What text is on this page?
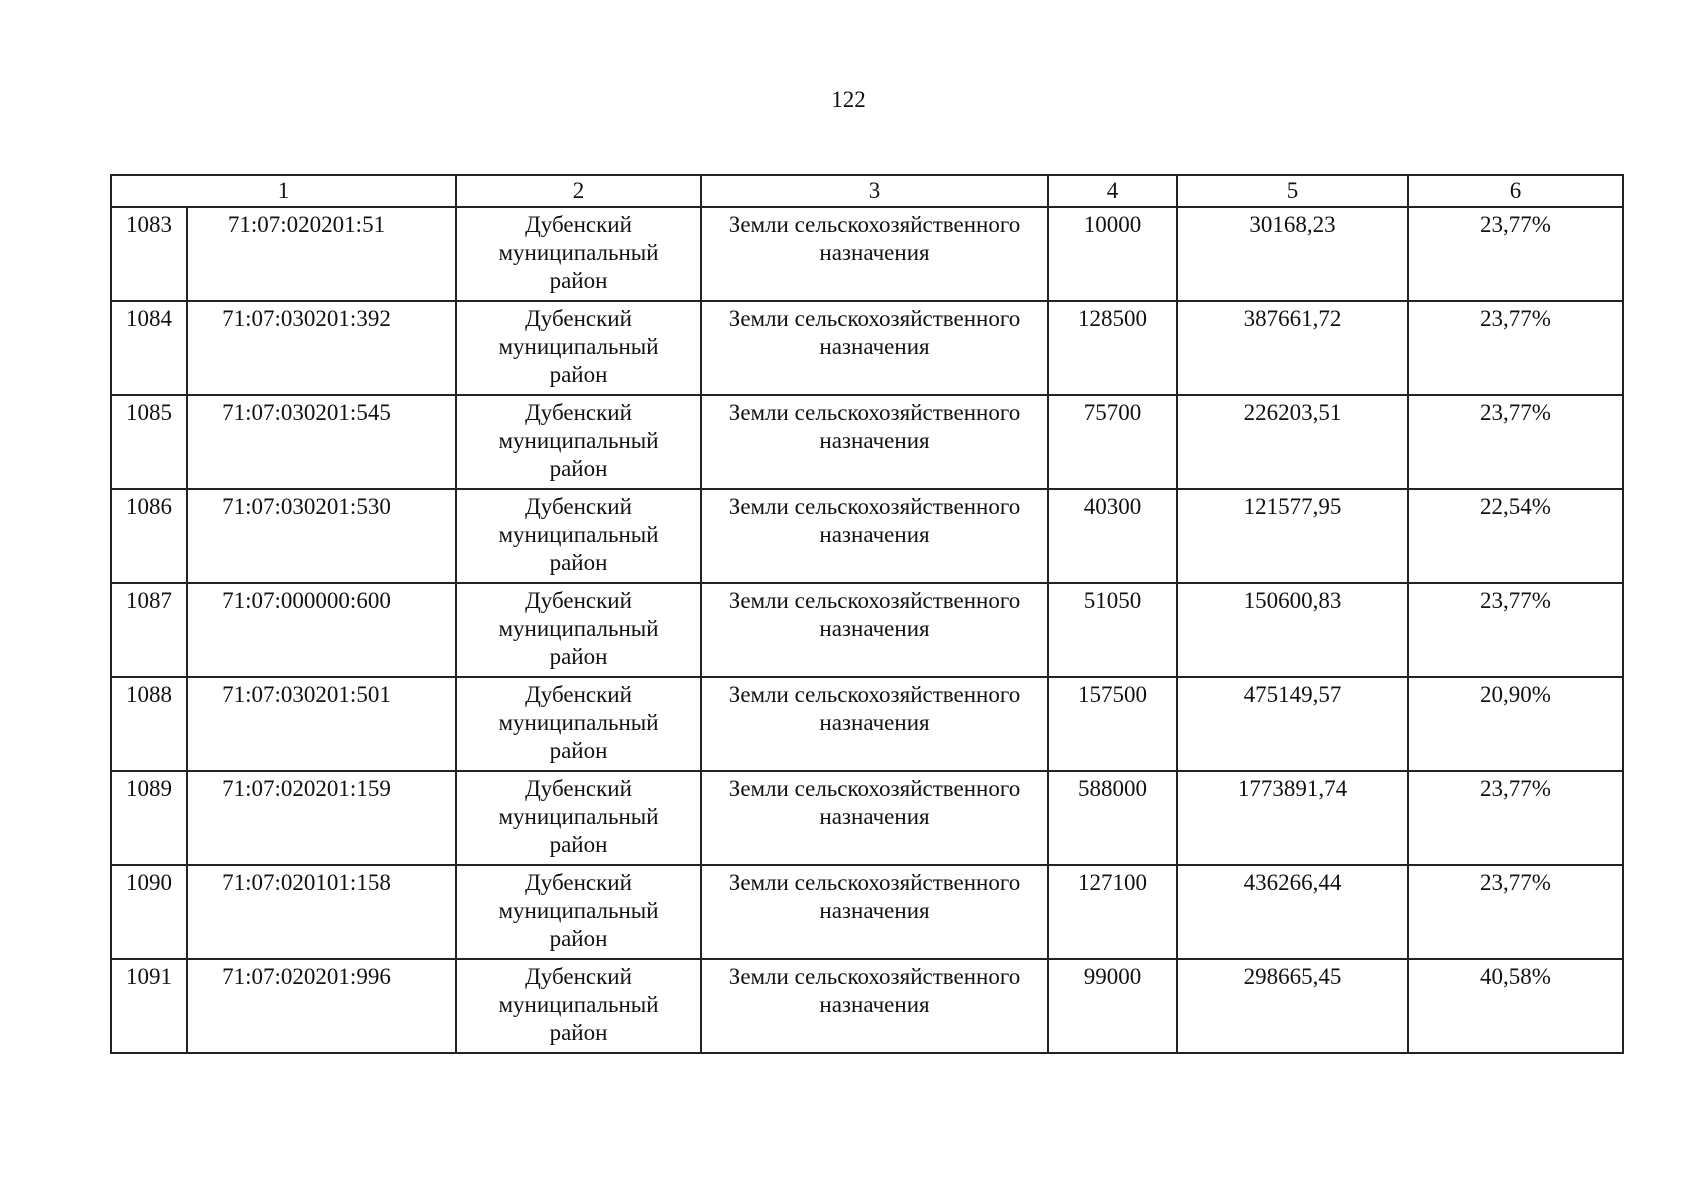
122
1		2	3	4	5	6
1083	71:07:020201:51	Дубенский
муниципальный
район	Земли сельскохозяйственного
назначения	10000	30168,23	23,77%
1084	71:07:030201:392	Дубенский
муниципальный
район	Земли сельскохозяйственного
назначения	128500	387661,72	23,77%
1085	71:07:030201:545	Дубенский
муниципальный
район	Земли сельскохозяйственного
назначения	75700	226203,51	23,77%
1086	71:07:030201:530	Дубенский
муниципальный
район	Земли сельскохозяйственного
назначения	40300	121577,95	22,54%
1087	71:07:000000:600	Дубенский
муниципальный
район	Земли сельскохозяйственного
назначения	51050	150600,83	23,77%
1088	71:07:030201:501	Дубенский
муниципальный
район	Земли сельскохозяйственного
назначения	157500	475149,57	20,90%
1089	71:07:020201:159	Дубенский
муниципальный
район	Земли сельскохозяйственного
назначения	588000	1773891,74	23,77%
1090	71:07:020101:158	Дубенский
муниципальный
район	Земли сельскохозяйственного
назначения	127100	436266,44	23,77%
1091	71:07:020201:996	Дубенский
муниципальный
район	Земли сельскохозяйственного
назначения	99000	298665,45	40,58%
